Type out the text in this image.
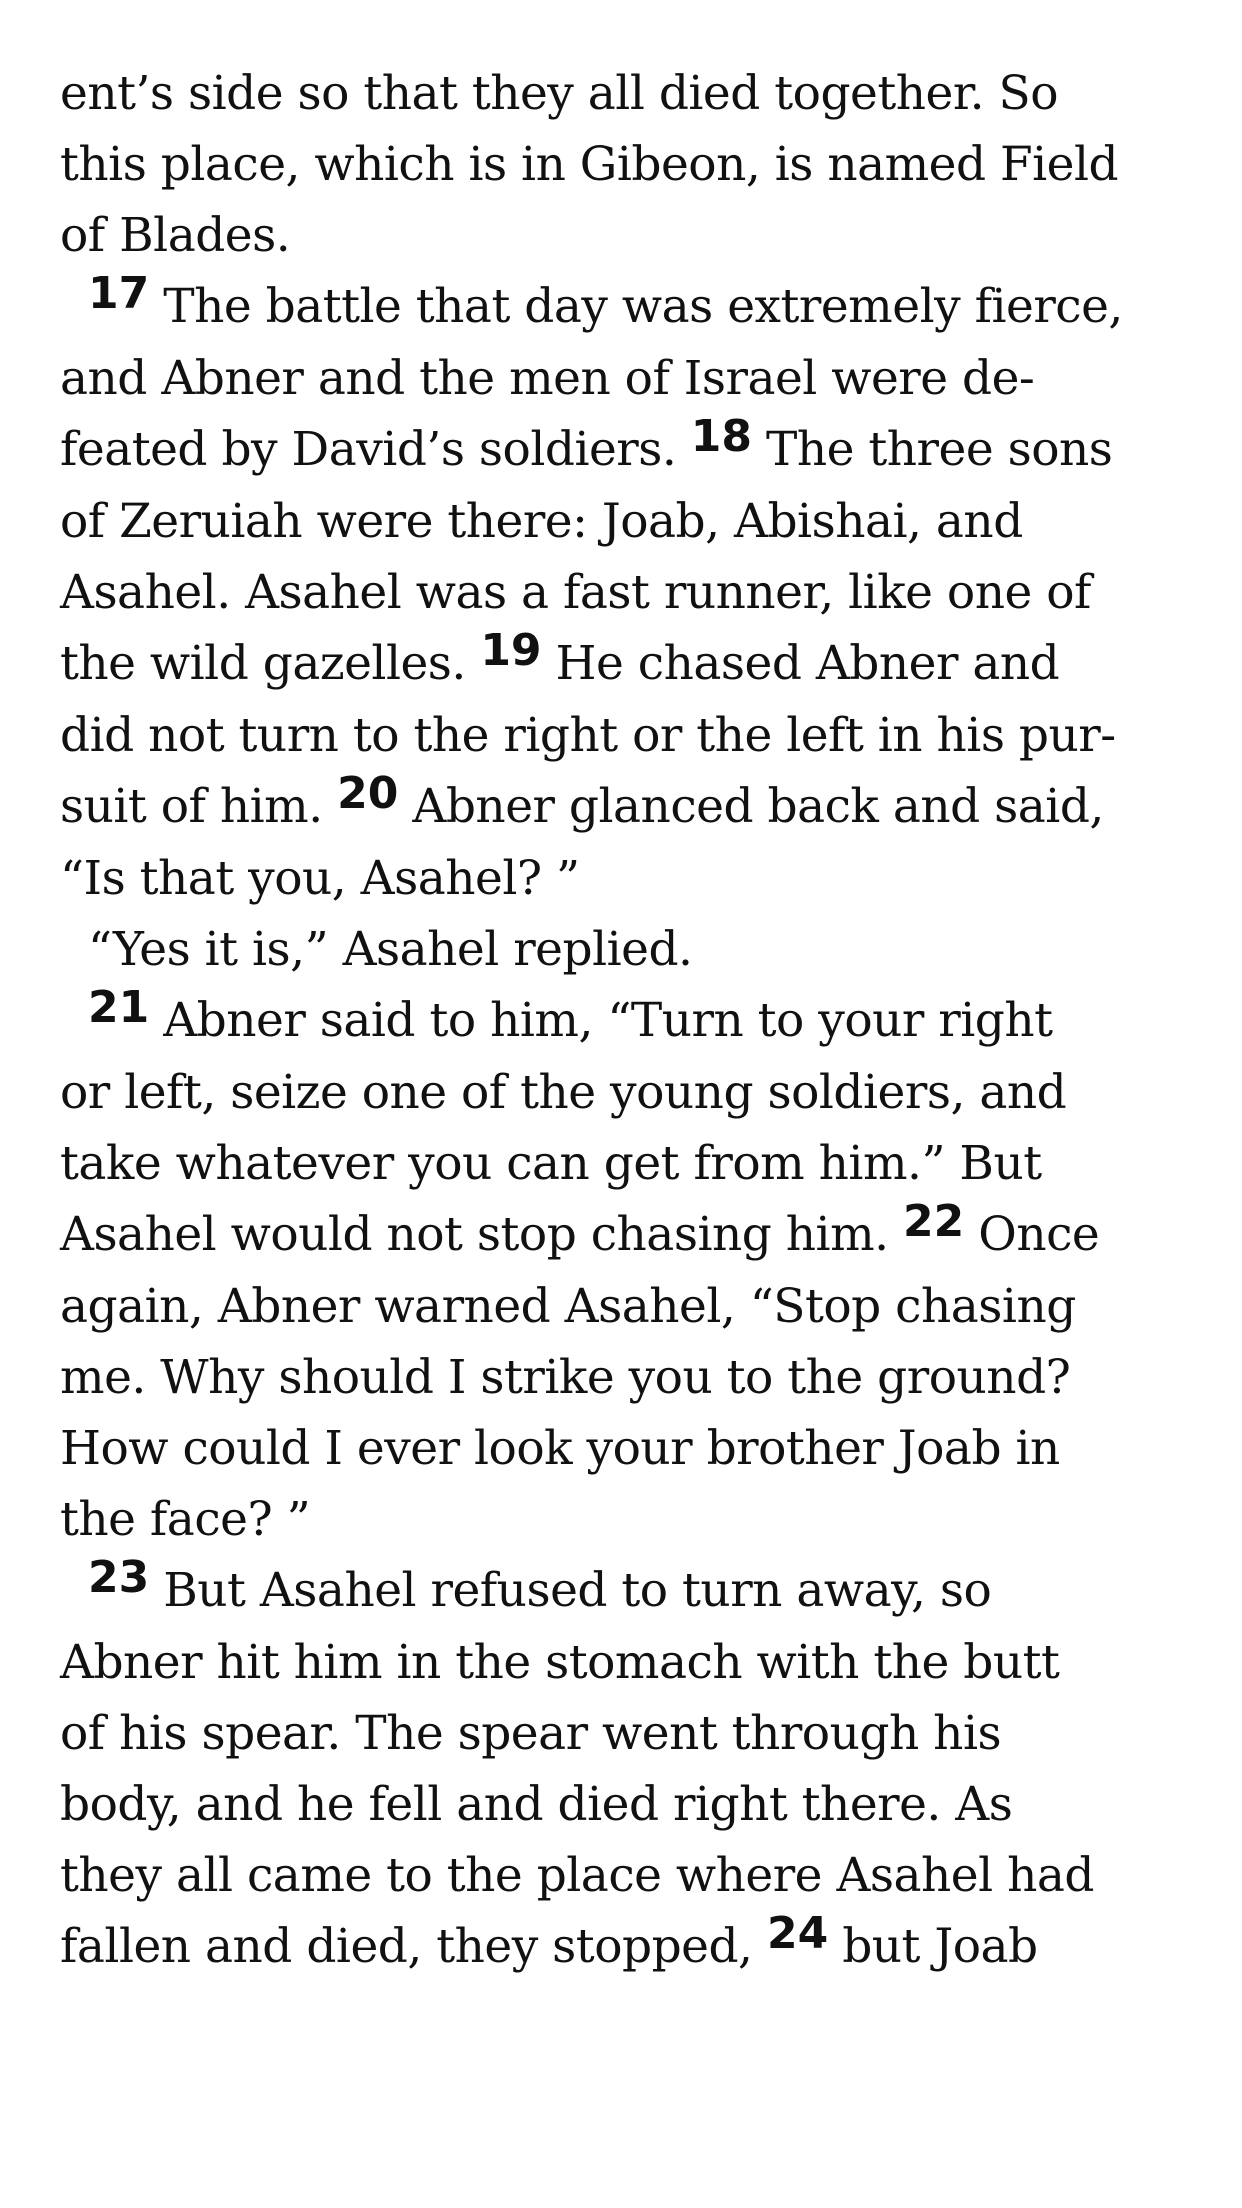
ent’s side so that they all died together. So
this place, which is in Gibeon, is named Field
of Blades.

17 The battle that day was extremely fierce,
and Abner and the men of Israel were de-
feated by David’s soldiers. 18 The three sons
of Zeruiah were there: Joab, Abishai, and
Asahel. Asahel was a fast runner, like one of
the wild gazelles. 19 He chased Abner and
did not turn to the right or the left in his pur-
suit of him. 20 Abner glanced back and said,
“Is that you, Asahel? ”

“Yes it is,” Asahel replied.

21 Abner said to him, “Turn to your right
or left, seize one of the young soldiers, and
take whatever you can get from him.” But
Asahel would not stop chasing him. 22 Once
again, Abner warned Asahel, “Stop chasing
me. Why should I strike you to the ground?
How could I ever look your brother Joab in
the face? ”

23 But Asahel refused to turn away, so
Abner hit him in the stomach with the butt
of his spear. The spear went through his
body, and he fell and died right there. As
they all came to the place where Asahel had
fallen and died, they stopped, 24 but Joab
